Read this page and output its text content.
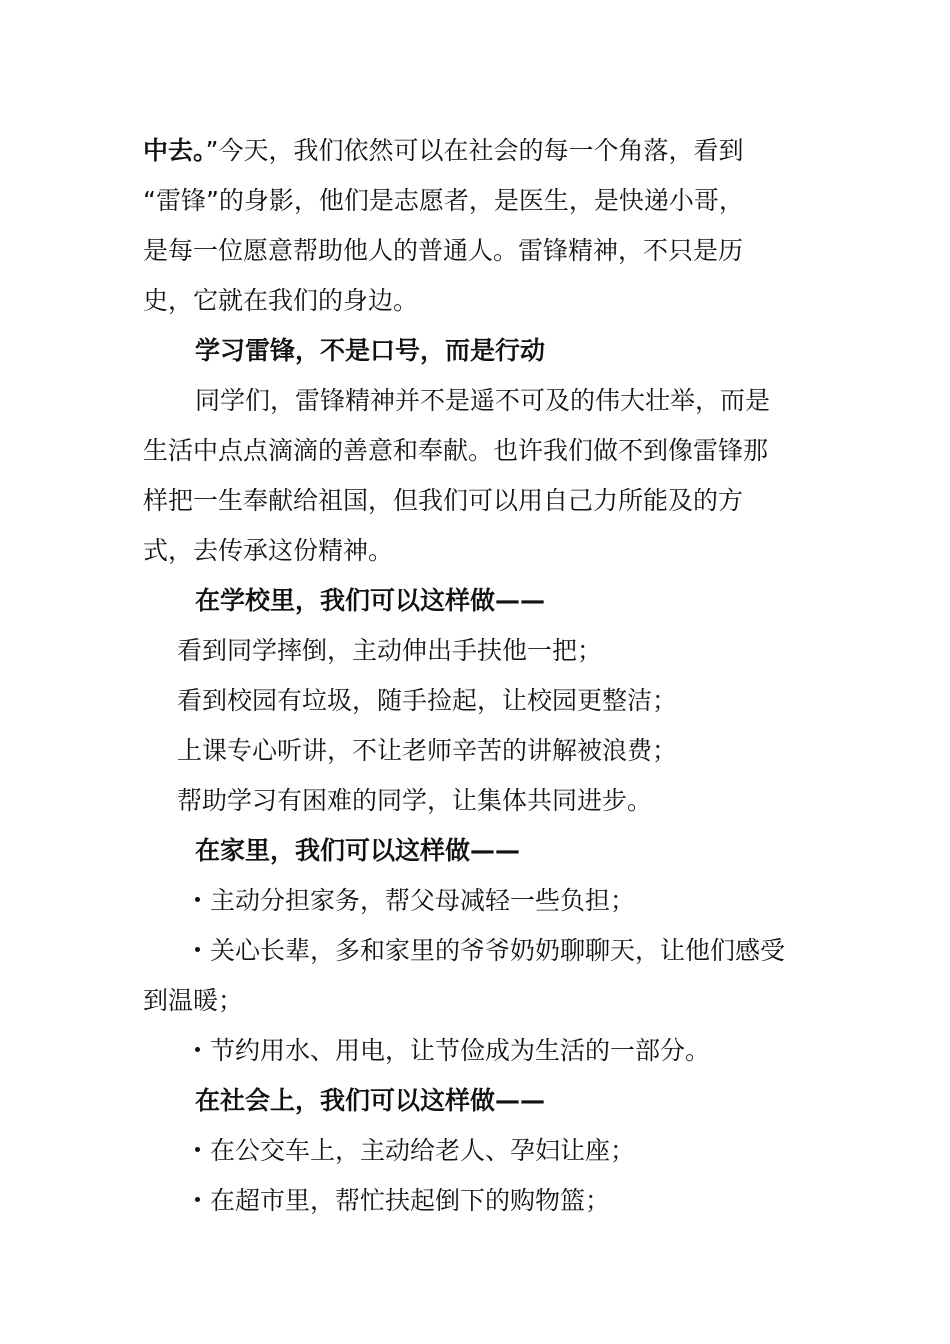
中去。”今天，我们依然可以在社会的每一个角落，看到
“雷锋”的身影，他们是志愿者，是医生，是快递小哥，
是每一位愿意帮助他人的普通人。雷锋精神，不只是历
史，它就在我们的身边。
学习雷锋，不是口号，而是行动
同学们，雷锋精神并不是遥不可及的伟大壮举，而是
生活中点点滴滴的善意和奉献。也许我们做不到像雷锋那
样把一生奉献给祖国，但我们可以用自己力所能及的方
式，去传承这份精神。
在学校里，我们可以这样做——
看到同学摔倒，主动伸出手扶他一把；
看到校园有垃圾，随手捡起，让校园更整洁；
上课专心听讲，不让老师辛苦的讲解被浪费；
帮助学习有困难的同学，让集体共同进步。
在家里，我们可以这样做——
主动分担家务，帮父母减轻一些负担；
关心长辈，多和家里的爷爷奶奶聊聊天，让他们感受
到温暖；
节约用水、用电，让节俭成为生活的一部分。
在社会上，我们可以这样做——
在公交车上，主动给老人、孕妇让座；
在超市里，帮忙扶起倒下的购物篮；
